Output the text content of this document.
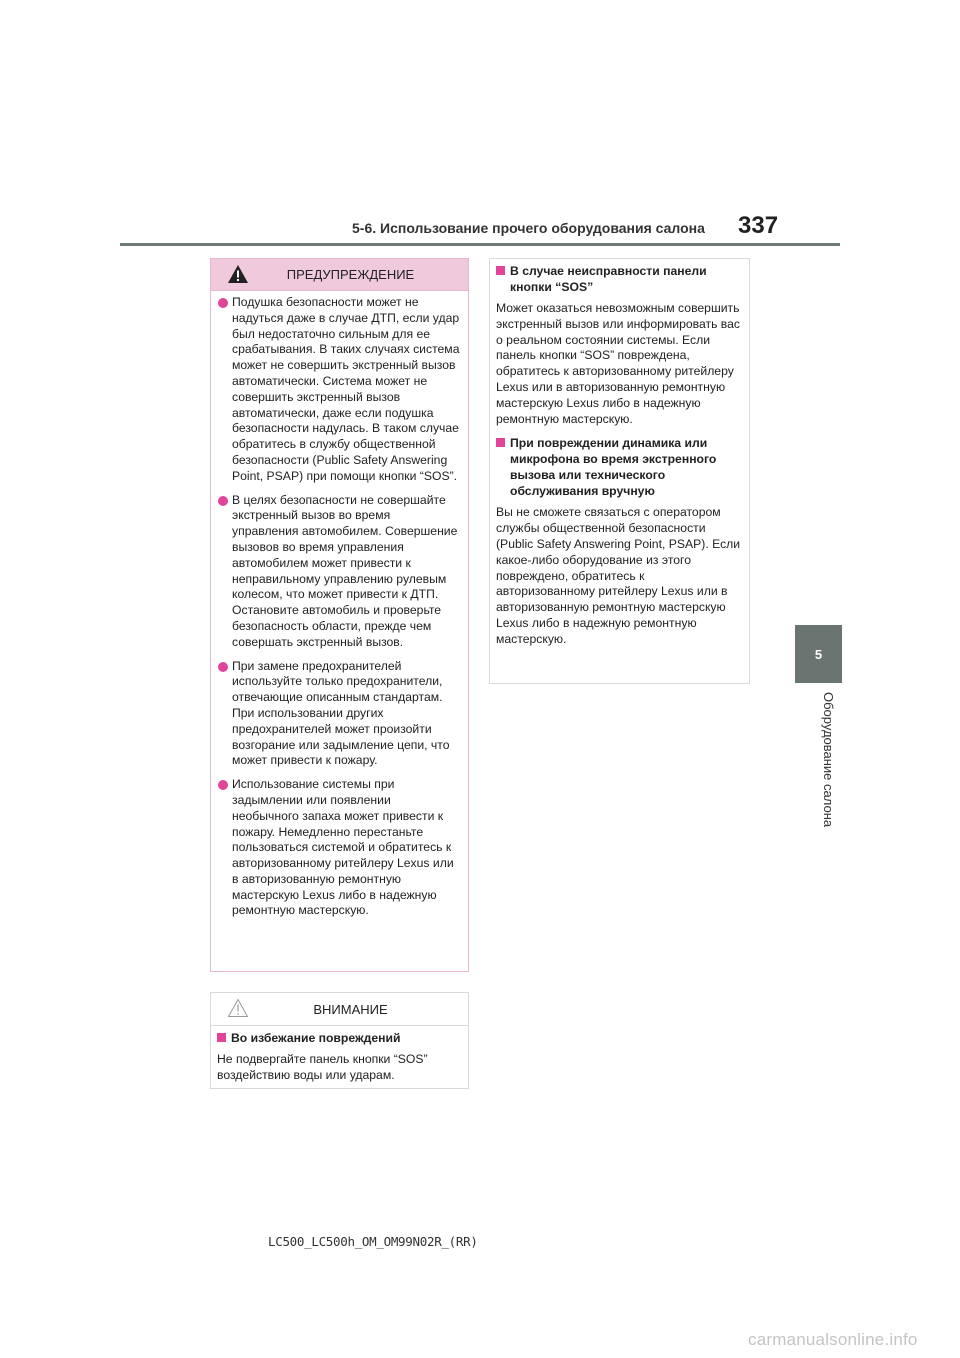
5-6. Использование прочего оборудования салона 337
5
Оборудование салона
ПРЕДУПРЕЖДЕНИЕ
Подушка безопасности может не надуться даже в случае ДТП, если удар был недостаточно сильным для ее срабатывания. В таких случаях система может не совершить экстренный вызов автоматически. Система может не совершить экстренный вызов автоматически, даже если подушка безопасности надулась. В таком случае обратитесь в службу общественной безопасности (Public Safety Answering Point, PSAP) при помощи кнопки “SOS”.
В целях безопасности не совершайте экстренный вызов во время управления автомобилем. Совершение вызовов во время управления автомобилем может привести к неправильному управлению рулевым колесом, что может привести к ДТП. Остановите автомобиль и проверьте безопасность области, прежде чем совершать экстренный вызов.
При замене предохранителей используйте только предохранители, отвечающие описанным стандартам. При использовании других предохранителей может произойти возгорание или задымление цепи, что может привести к пожару.
Использование системы при задымлении или появлении необычного запаха может привести к пожару. Немедленно перестаньте пользоваться системой и обратитесь к авторизованному ритейлеру Lexus или в авторизованную ремонтную мастерскую Lexus либо в надежную ремонтную мастерскую.
ВНИМАНИЕ
Во избежание повреждений
Не подвергайте панель кнопки “SOS” воздействию воды или ударам.
В случае неисправности панели кнопки “SOS”
Может оказаться невозможным совершить экстренный вызов или информировать вас о реальном состоянии системы. Если панель кнопки “SOS” повреждена, обратитесь к авторизованному ритейлеру Lexus или в авторизованную ремонтную мастерскую Lexus либо в надежную ремонтную мастерскую.
При повреждении динамика или микрофона во время экстренного вызова или технического обслуживания вручную
Вы не сможете связаться с оператором службы общественной безопасности (Public Safety Answering Point, PSAP). Если какое-либо оборудование из этого повреждено, обратитесь к авторизованному ритейлеру Lexus или в авторизованную ремонтную мастерскую Lexus либо в надежную ремонтную мастерскую.
LC500_LC500h_OM_OM99N02R_(RR)
carmanualsonline.info
